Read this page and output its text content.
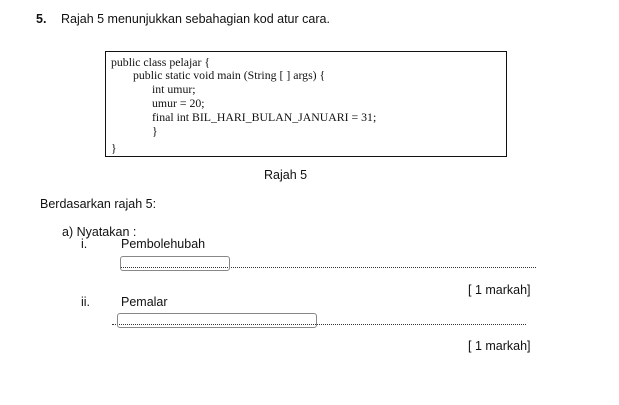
5. Rajah 5 menunjukkan sebahagian kod atur cara.
public class pelajar {
public static void main (String [ ] args) {
int umur;
umur = 20;
final int BIL_HARI_BULAN_JANUARI = 31;
}
}
Rajah 5
Berdasarkan rajah 5:
a) Nyatakan :
i.	Pembolehubah
[ 1 markah]
ii. Pemalar
[ 1 markah]
